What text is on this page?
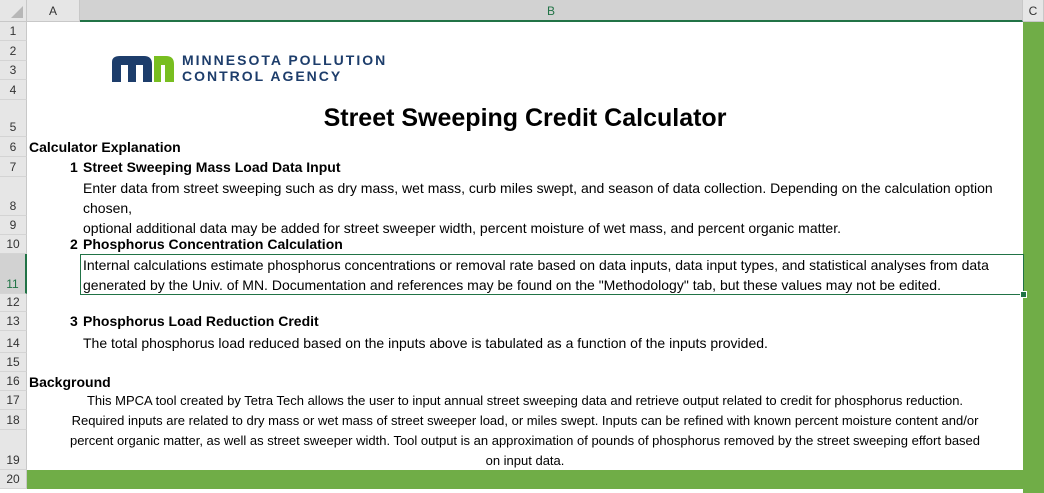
A	B	C
1
2
3
4
5
6
7
8
9
10
11
12
13
14
15
16
17
18
19
20
MINNESOTA POLLUTION
CONTROL AGENCY
Street Sweeping Credit Calculator
Calculator Explanation
1 Street Sweeping Mass Load Data Input
Enter data from street sweeping such as dry mass, wet mass, curb miles swept, and season of data collection. Depending on the calculation option chosen,
optional additional data may be added for street sweeper width, percent moisture of wet mass, and percent organic matter.
2 Phosphorus Concentration Calculation
Internal calculations estimate phosphorus concentrations or removal rate based on data inputs, data input types, and statistical analyses from data
generated by the Univ. of MN. Documentation and references may be found on the "Methodology" tab, but these values may not be edited.
3 Phosphorus Load Reduction Credit
The total phosphorus load reduced based on the inputs above is tabulated as a function of the inputs provided.
Background
This MPCA tool created by Tetra Tech allows the user to input annual street sweeping data and retrieve output related to credit for phosphorus reduction.
Required inputs are related to dry mass or wet mass of street sweeper load, or miles swept. Inputs can be refined with known percent moisture content and/or
percent organic matter, as well as street sweeper width. Tool output is an approximation of pounds of phosphorus removed by the street sweeping effort based
on input data.
